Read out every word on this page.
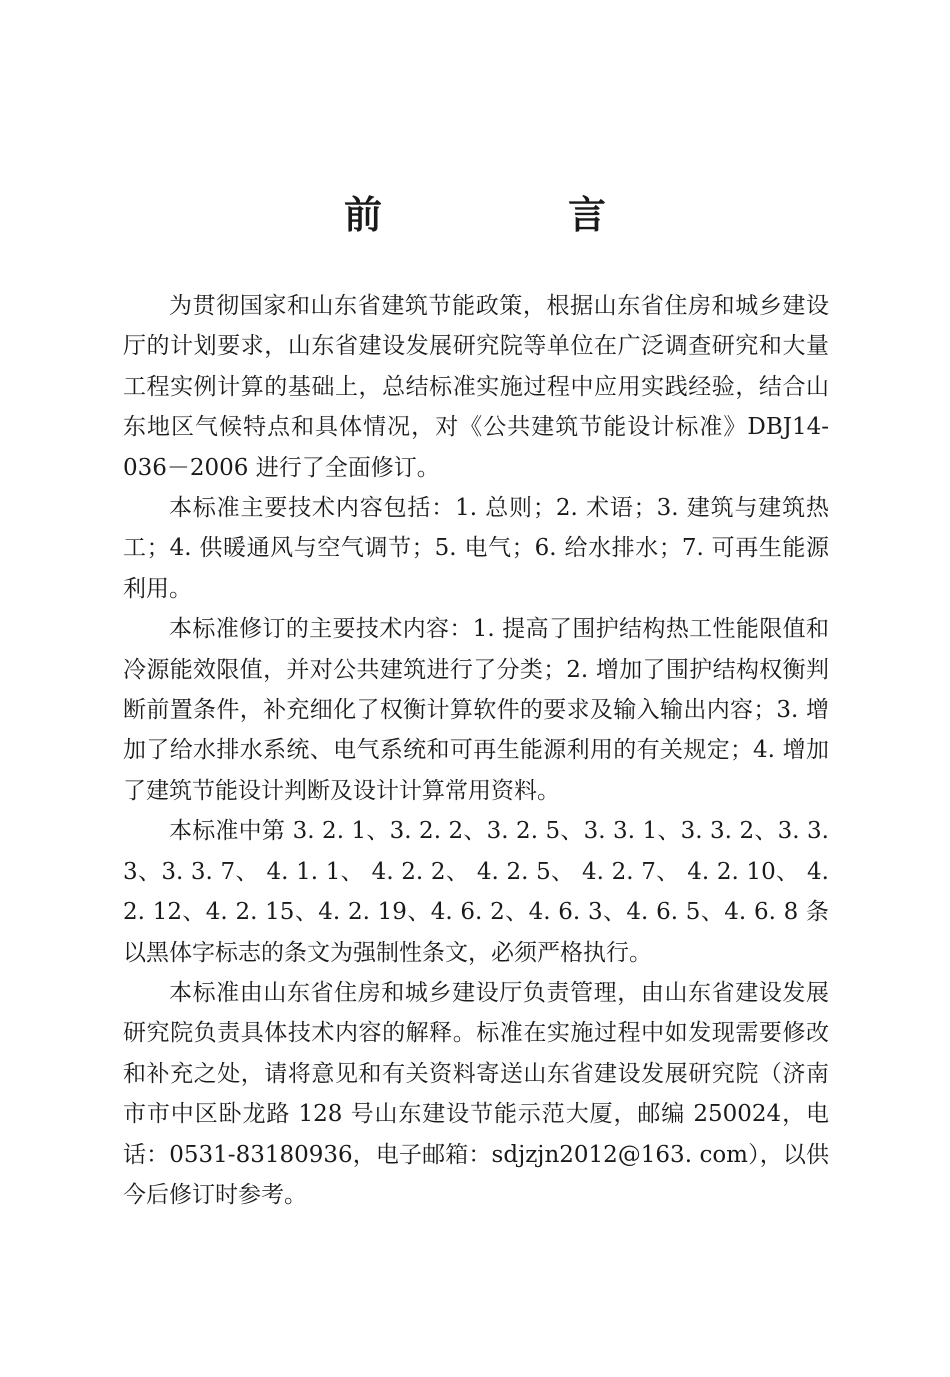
前　言

为贯彻国家和山东省建筑节能政策，根据山东省住房和城乡建设厅的计划要求，山东省建设发展研究院等单位在广泛调查研究和大量工程实例计算的基础上，总结标准实施过程中应用实践经验，结合山东地区气候特点和具体情况，对《公共建筑节能设计标准》DBJ14-036－2006 进行了全面修订。

本标准主要技术内容包括：1. 总则；2. 术语；3. 建筑与建筑热工；4. 供暖通风与空气调节；5. 电气；6. 给水排水；7. 可再生能源利用。

本标准修订的主要技术内容：1. 提高了围护结构热工性能限值和冷源能效限值，并对公共建筑进行了分类；2. 增加了围护结构权衡判断前置条件，补充细化了权衡计算软件的要求及输入输出内容；3. 增加了给水排水系统、电气系统和可再生能源利用的有关规定；4. 增加了建筑节能设计判断及设计计算常用资料。

本标准中第 3. 2. 1、3. 2. 2、3. 2. 5、3. 3. 1、3. 3. 2、3. 3. 3、3. 3. 7、 4. 1. 1、 4. 2. 2、 4. 2. 5、 4. 2. 7、 4. 2. 10、 4. 2. 12、4. 2. 15、4. 2. 19、4. 6. 2、4. 6. 3、4. 6. 5、4. 6. 8 条以黑体字标志的条文为强制性条文，必须严格执行。

本标准由山东省住房和城乡建设厅负责管理，由山东省建设发展研究院负责具体技术内容的解释。标准在实施过程中如发现需要修改和补充之处，请将意见和有关资料寄送山东省建设发展研究院（济南市市中区卧龙路 128 号山东建设节能示范大厦，邮编 250024，电话：0531-83180936，电子邮箱：sdjzjn2012@163. com），以供今后修订时参考。
